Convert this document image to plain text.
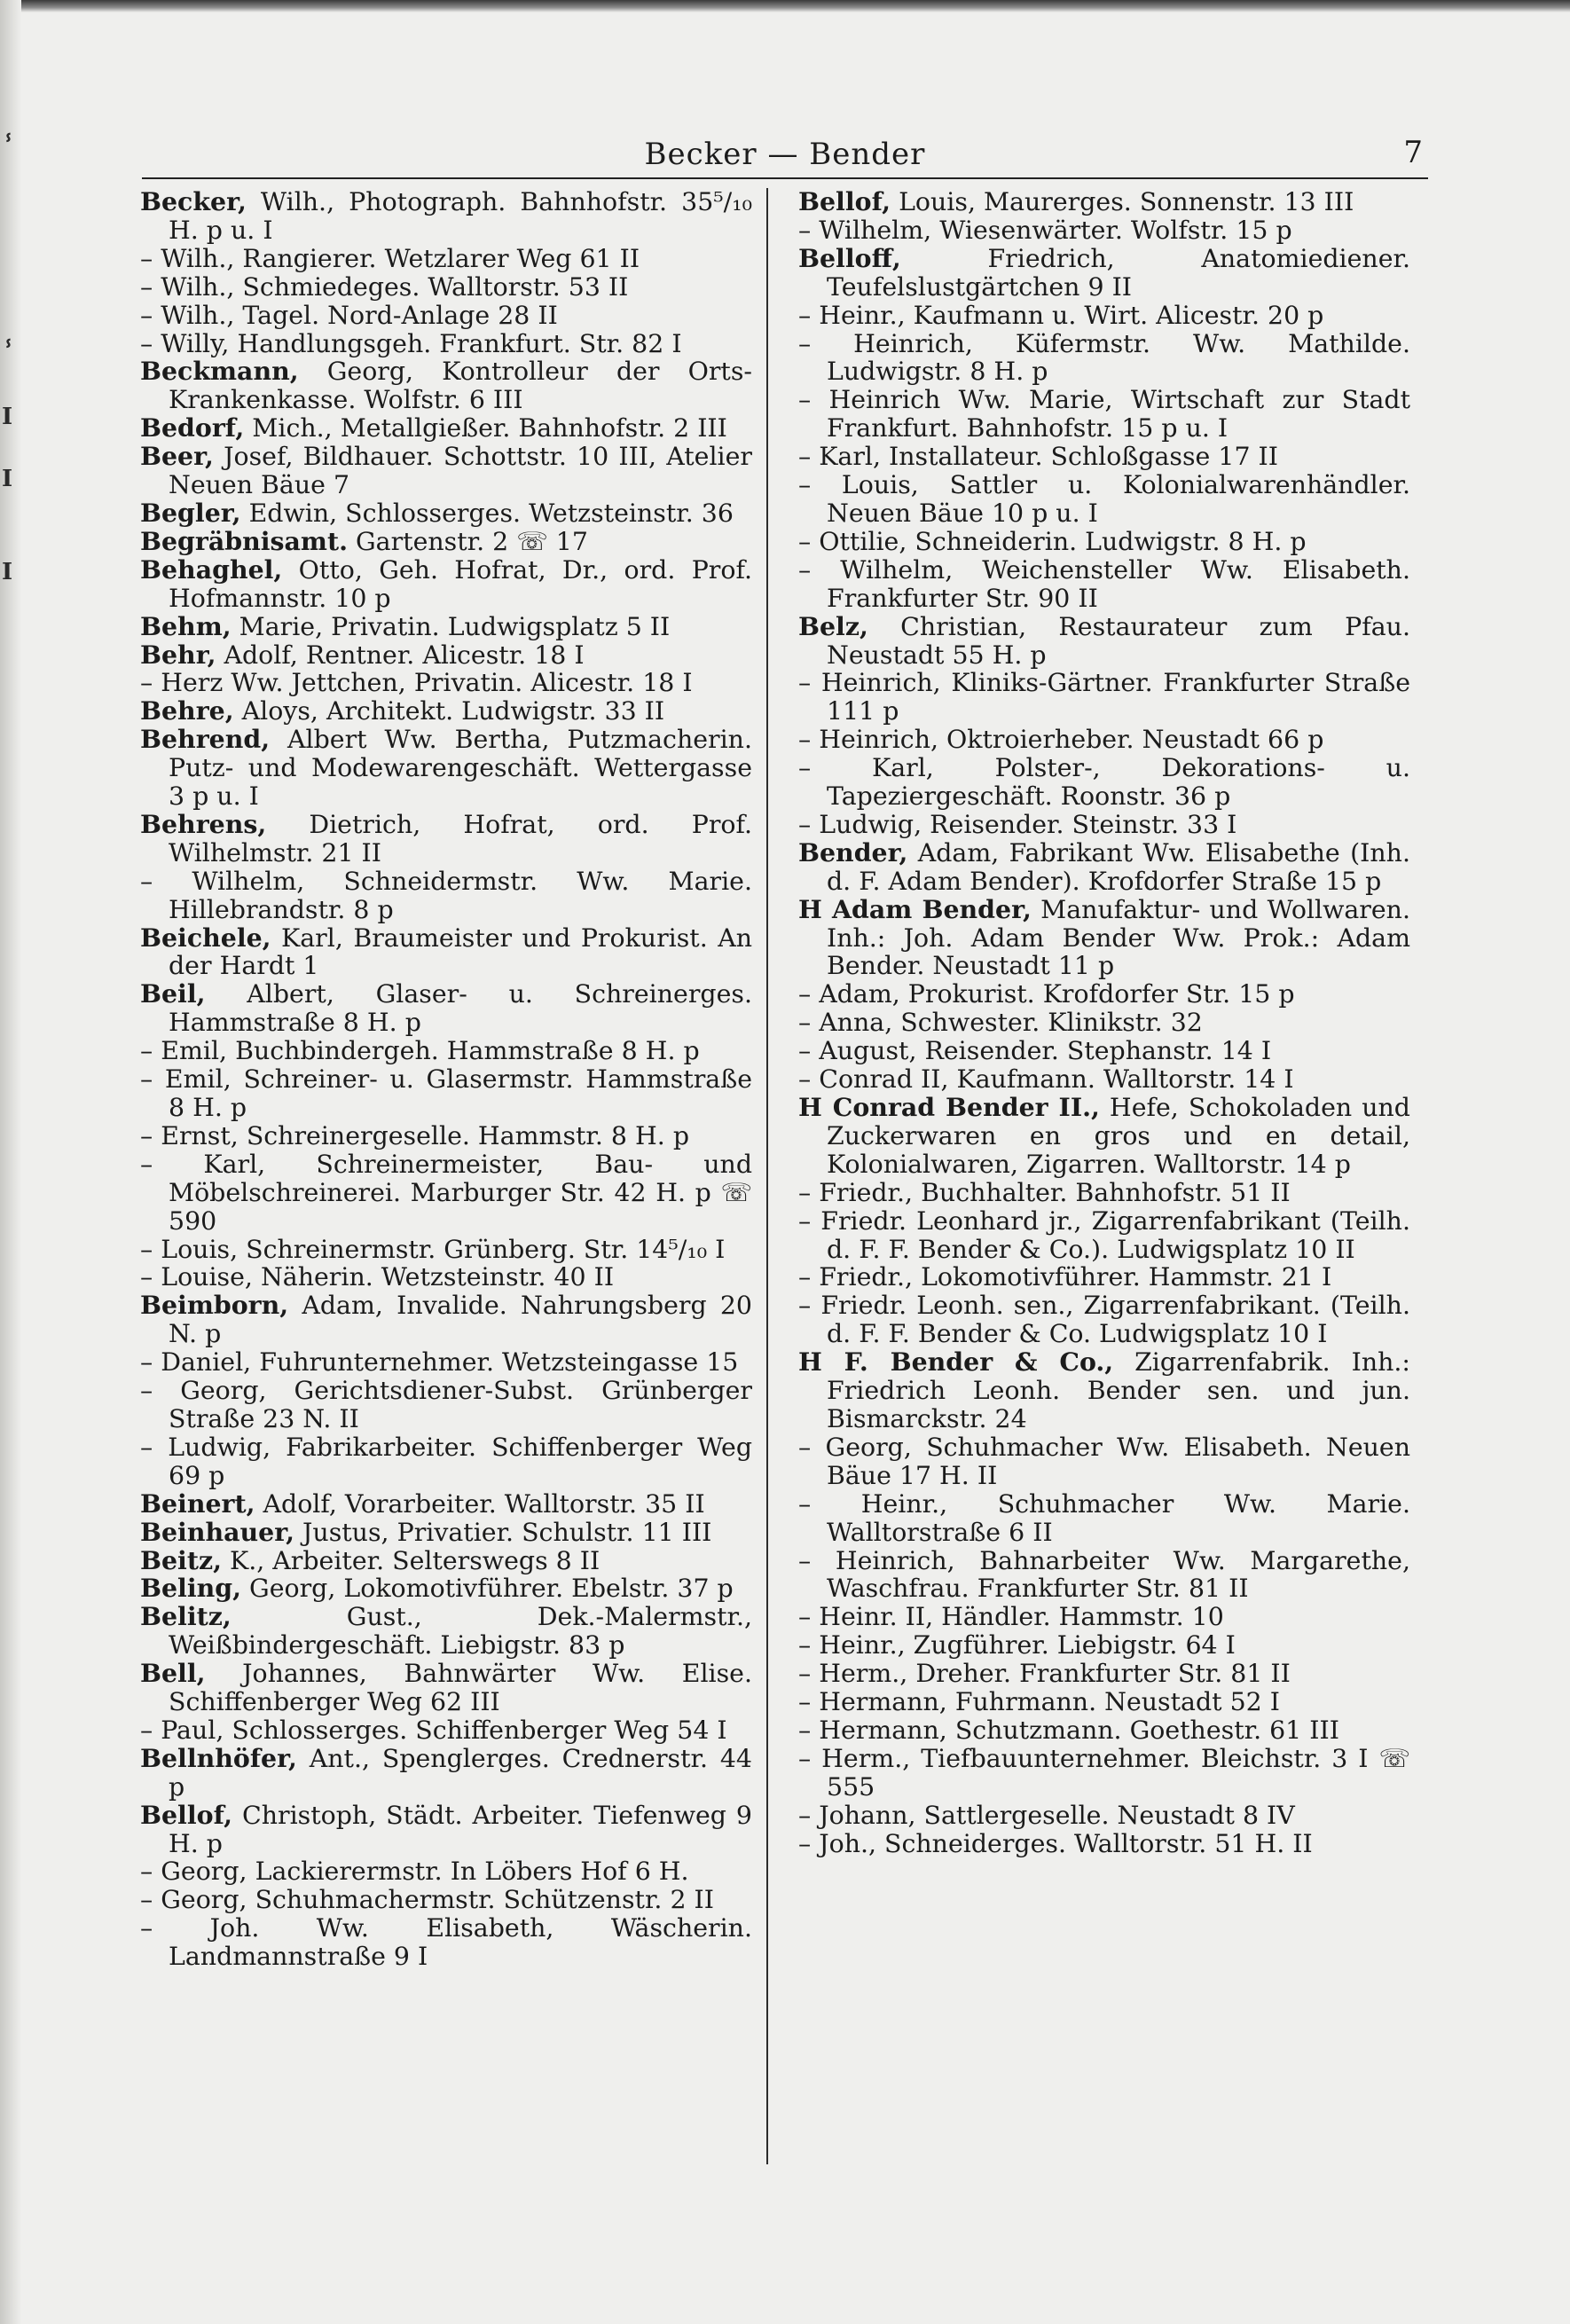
ⸯ
ⸯ
I
I
I
Becker — Bender	7

Becker, Wilh., Photograph. Bahnhofstr. 35⁵/₁₀ H. p u. I

– Wilh., Rangierer. Wetzlarer Weg 61 II

– Wilh., Schmiedeges. Walltorstr. 53 II

– Wilh., Tagel. Nord-Anlage 28 II

– Willy, Handlungsgeh. Frankfurt. Str. 82 I

Beckmann, Georg, Kontrolleur der Orts-Krankenkasse. Wolfstr. 6 III

Bedorf, Mich., Metallgießer. Bahnhofstr. 2 III

Beer, Josef, Bildhauer. Schottstr. 10 III, Atelier Neuen Bäue 7

Begler, Edwin, Schlosserges. Wetzsteinstr. 36

Begräbnisamt. Gartenstr. 2 ☏ 17

Behaghel, Otto, Geh. Hofrat, Dr., ord. Prof. Hofmannstr. 10 p

Behm, Marie, Privatin. Ludwigsplatz 5 II

Behr, Adolf, Rentner. Alicestr. 18 I

– Herz Ww. Jettchen, Privatin. Alicestr. 18 I

Behre, Aloys, Architekt. Ludwigstr. 33 II

Behrend, Albert Ww. Bertha, Putzmacherin. Putz- und Modewarengeschäft. Wettergasse 3 p u. I

Behrens, Dietrich, Hofrat, ord. Prof. Wilhelmstr. 21 II

– Wilhelm, Schneidermstr. Ww. Marie. Hillebrandstr. 8 p

Beichele, Karl, Braumeister und Prokurist. An der Hardt 1

Beil, Albert, Glaser- u. Schreinerges. Hammstraße 8 H. p

– Emil, Buchbindergeh. Hammstraße 8 H. p

– Emil, Schreiner- u. Glasermstr. Hammstraße 8 H. p

– Ernst, Schreinergeselle. Hammstr. 8 H. p

– Karl, Schreinermeister, Bau- und Möbelschreinerei. Marburger Str. 42 H. p ☏ 590

– Louis, Schreinermstr. Grünberg. Str. 14⁵/₁₀ I

– Louise, Näherin. Wetzsteinstr. 40 II

Beimborn, Adam, Invalide. Nahrungsberg 20 N. p

– Daniel, Fuhrunternehmer. Wetzsteingasse 15

– Georg, Gerichtsdiener-Subst. Grünberger Straße 23 N. II

– Ludwig, Fabrikarbeiter. Schiffenberger Weg 69 p

Beinert, Adolf, Vorarbeiter. Walltorstr. 35 II

Beinhauer, Justus, Privatier. Schulstr. 11 III

Beitz, K., Arbeiter. Selterswegs 8 II

Beling, Georg, Lokomotivführer. Ebelstr. 37 p

Belitz, Gust., Dek.-Malermstr., Weißbindergeschäft. Liebigstr. 83 p

Bell, Johannes, Bahnwärter Ww. Elise. Schiffenberger Weg 62 III

– Paul, Schlosserges. Schiffenberger Weg 54 I

Bellnhöfer, Ant., Spenglerges. Crednerstr. 44 p

Bellof, Christoph, Städt. Arbeiter. Tiefenweg 9 H. p

– Georg, Lackierermstr. In Löbers Hof 6 H.

– Georg, Schuhmachermstr. Schützenstr. 2 II

– Joh. Ww. Elisabeth, Wäscherin. Landmannstraße 9 I

Bellof, Louis, Maurerges. Sonnenstr. 13 III

– Wilhelm, Wiesenwärter. Wolfstr. 15 p

Belloff, Friedrich, Anatomiediener. Teufelslustgärtchen 9 II

– Heinr., Kaufmann u. Wirt. Alicestr. 20 p

– Heinrich, Küfermstr. Ww. Mathilde. Ludwigstr. 8 H. p

– Heinrich Ww. Marie, Wirtschaft zur Stadt Frankfurt. Bahnhofstr. 15 p u. I

– Karl, Installateur. Schloßgasse 17 II

– Louis, Sattler u. Kolonialwarenhändler. Neuen Bäue 10 p u. I

– Ottilie, Schneiderin. Ludwigstr. 8 H. p

– Wilhelm, Weichensteller Ww. Elisabeth. Frankfurter Str. 90 II

Belz, Christian, Restaurateur zum Pfau. Neustadt 55 H. p

– Heinrich, Kliniks-Gärtner. Frankfurter Straße 111 p

– Heinrich, Oktroierheber. Neustadt 66 p

– Karl, Polster-, Dekorations- u. Tapeziergeschäft. Roonstr. 36 p

– Ludwig, Reisender. Steinstr. 33 I

Bender, Adam, Fabrikant Ww. Elisabethe (Inh. d. F. Adam Bender). Krofdorfer Straße 15 p

H Adam Bender, Manufaktur- und Wollwaren. Inh.: Joh. Adam Bender Ww. Prok.: Adam Bender. Neustadt 11 p

– Adam, Prokurist. Krofdorfer Str. 15 p

– Anna, Schwester. Klinikstr. 32

– August, Reisender. Stephanstr. 14 I

– Conrad II, Kaufmann. Walltorstr. 14 I

H Conrad Bender II., Hefe, Schokoladen und Zuckerwaren en gros und en detail, Kolonialwaren, Zigarren. Walltorstr. 14 p

– Friedr., Buchhalter. Bahnhofstr. 51 II

– Friedr. Leonhard jr., Zigarrenfabrikant (Teilh. d. F. F. Bender & Co.). Ludwigsplatz 10 II

– Friedr., Lokomotivführer. Hammstr. 21 I

– Friedr. Leonh. sen., Zigarrenfabrikant. (Teilh. d. F. F. Bender & Co. Ludwigsplatz 10 I

H F. Bender & Co., Zigarrenfabrik. Inh.: Friedrich Leonh. Bender sen. und jun. Bismarckstr. 24

– Georg, Schuhmacher Ww. Elisabeth. Neuen Bäue 17 H. II

– Heinr., Schuhmacher Ww. Marie. Walltorstraße 6 II

– Heinrich, Bahnarbeiter Ww. Margarethe, Waschfrau. Frankfurter Str. 81 II

– Heinr. II, Händler. Hammstr. 10

– Heinr., Zugführer. Liebigstr. 64 I

– Herm., Dreher. Frankfurter Str. 81 II

– Hermann, Fuhrmann. Neustadt 52 I

– Hermann, Schutzmann. Goethestr. 61 III

– Herm., Tiefbauunternehmer. Bleichstr. 3 I ☏ 555

– Johann, Sattlergeselle. Neustadt 8 IV

– Joh., Schneiderges. Walltorstr. 51 H. II
